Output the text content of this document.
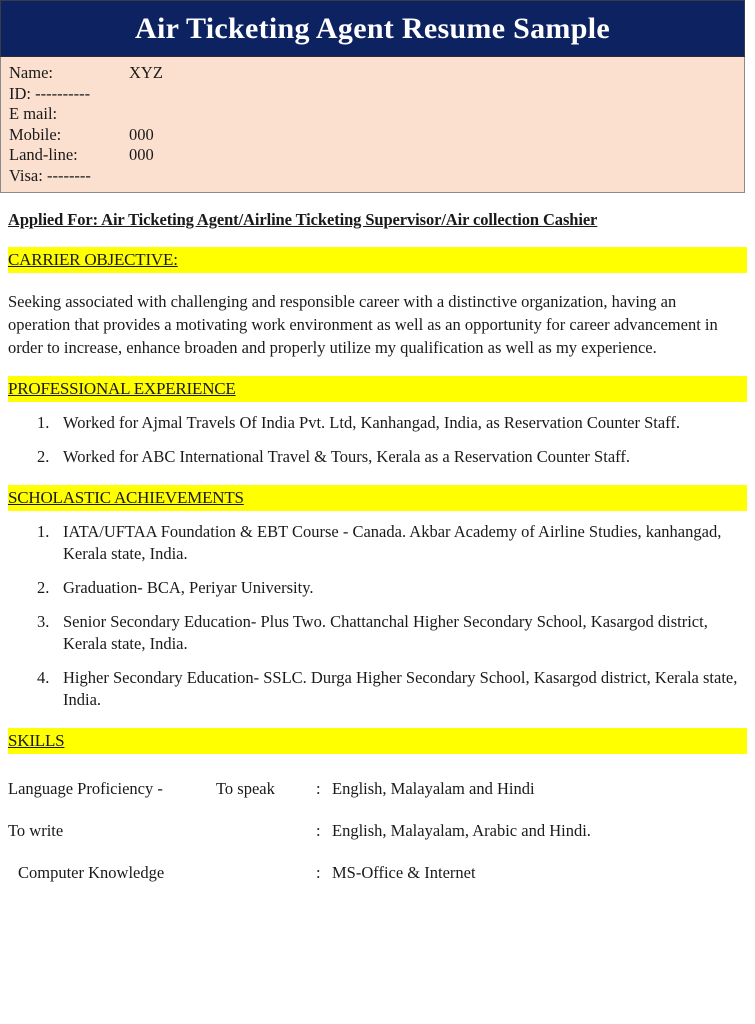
Air Ticketing Agent Resume Sample
Name:	XYZ
ID: ----------
E mail:
Mobile:	000
Land-line:	000
Visa: --------
Applied For: Air Ticketing Agent/Airline Ticketing Supervisor/Air collection Cashier
CARRIER OBJECTIVE:
Seeking associated with challenging and responsible career with a distinctive organization, having an operation that provides a motivating work environment as well as an opportunity for career advancement in order to increase, enhance broaden and properly utilize my qualification as well as my experience.
PROFESSIONAL EXPERIENCE
1. Worked for Ajmal Travels Of India Pvt. Ltd, Kanhangad, India, as Reservation Counter Staff.
2. Worked for ABC International Travel & Tours, Kerala as a Reservation Counter Staff.
SCHOLASTIC ACHIEVEMENTS
1. IATA/UFTAA Foundation & EBT Course - Canada. Akbar Academy of Airline Studies, kanhangad, Kerala state, India.
2. Graduation- BCA, Periyar University.
3. Senior Secondary Education- Plus Two. Chattanchal Higher Secondary School, Kasargod district, Kerala state, India.
4. Higher Secondary Education- SSLC. Durga Higher Secondary School, Kasargod district, Kerala state, India.
SKILLS
Language Proficiency -	To speak	:	English, Malayalam and Hindi
To write		:	English, Malayalam, Arabic and Hindi.
Computer Knowledge		:	MS-Office & Internet
